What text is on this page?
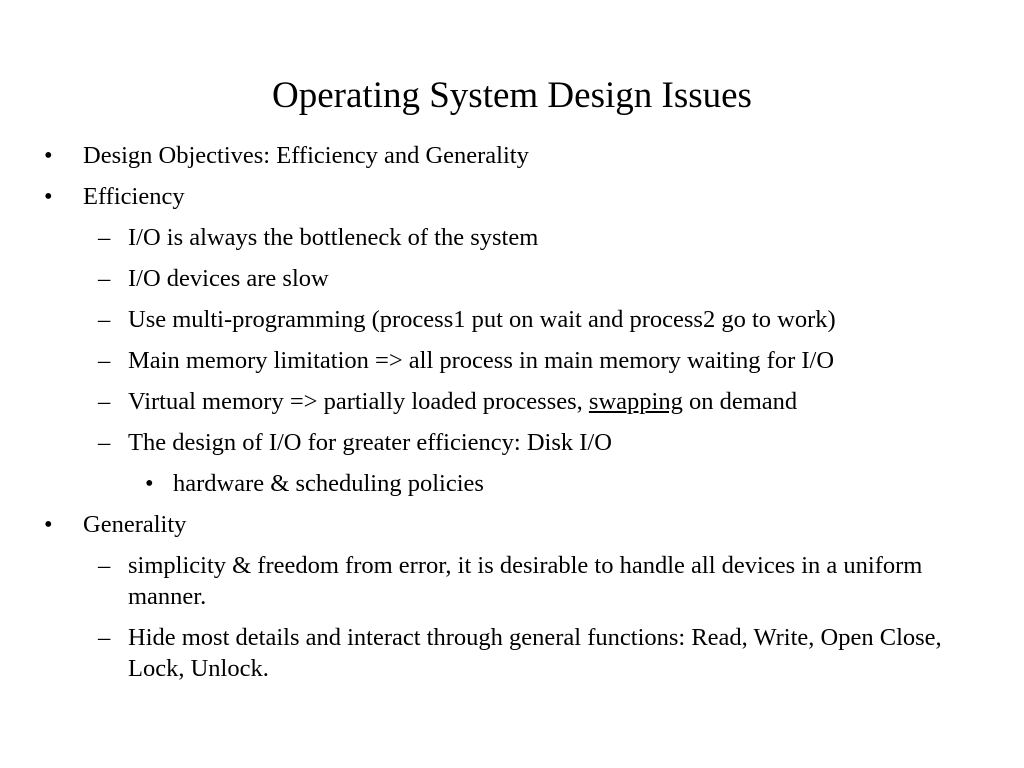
Operating System Design Issues
• Design Objectives: Efficiency and Generality
• Efficiency
– I/O is always the bottleneck of the system
– I/O devices are slow
– Use multi-programming (process1 put on wait and process2 go to work)
– Main memory limitation => all process in main memory waiting for I/O
– Virtual memory => partially loaded processes, swapping on demand
– The design of I/O for greater efficiency: Disk I/O
• hardware & scheduling policies
• Generality
– simplicity & freedom from error, it is desirable to handle all devices in a uniform manner.
– Hide most details and interact through general functions: Read, Write, Open Close, Lock, Unlock.
